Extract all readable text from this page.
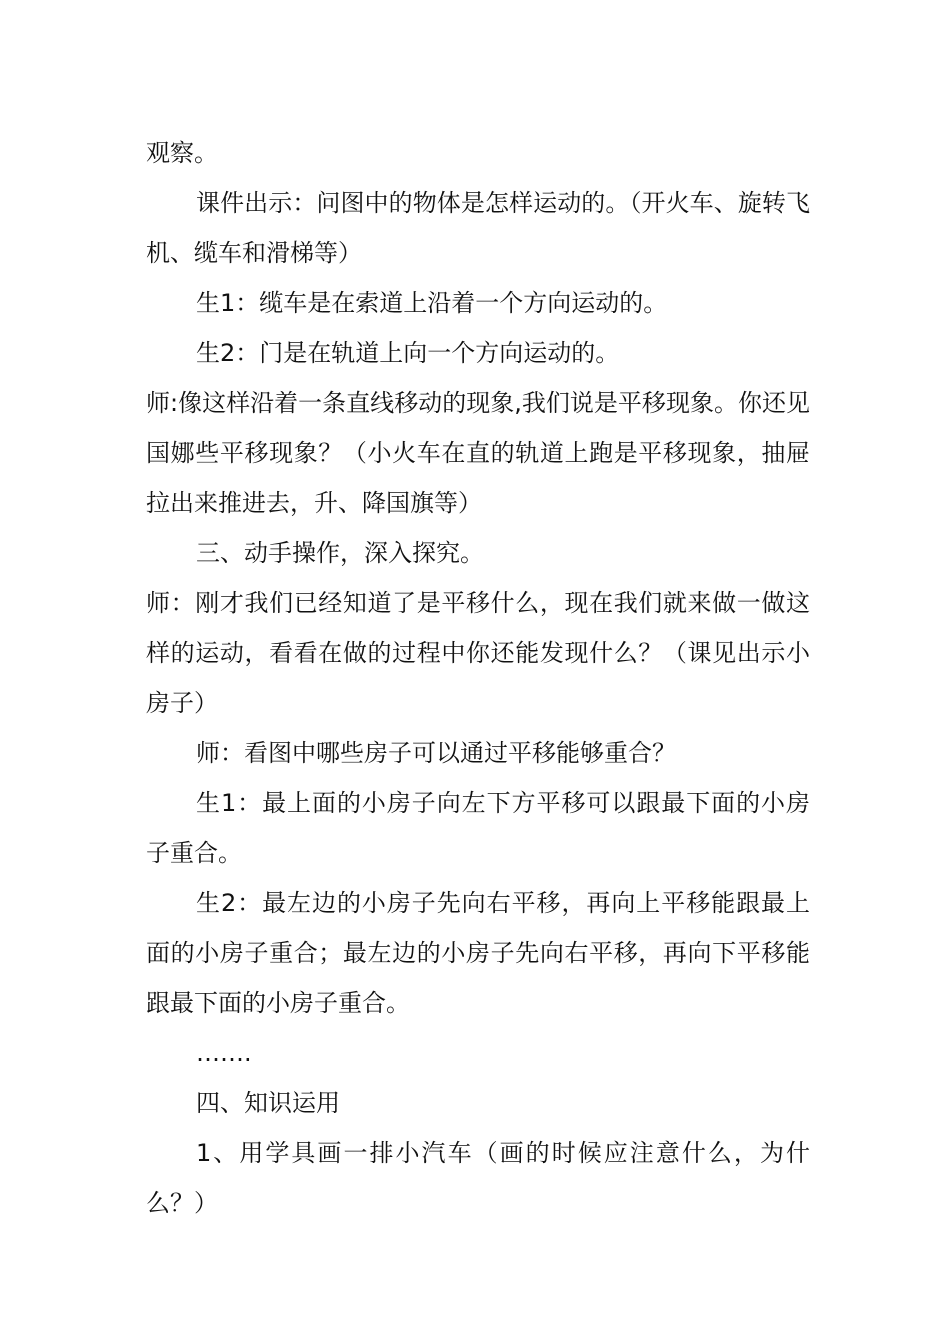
观察。

课件出示：问图中的物体是怎样运动的。（开火车、旋转飞机、缆车和滑梯等）

生1：缆车是在索道上沿着一个方向运动的。

生2：门是在轨道上向一个方向运动的。

师:像这样沿着一条直线移动的现象,我们说是平移现象。你还见国娜些平移现象？（小火车在直的轨道上跑是平移现象，抽屉拉出来推进去，升、降国旗等）

三、动手操作，深入探究。

师：刚才我们已经知道了是平移什么，现在我们就来做一做这样的运动，看看在做的过程中你还能发现什么？（课见出示小房子）

师：看图中哪些房子可以通过平移能够重合？

生1：最上面的小房子向左下方平移可以跟最下面的小房子重合。

生2：最左边的小房子先向右平移，再向上平移能跟最上面的小房子重合；最左边的小房子先向右平移，再向下平移能跟最下面的小房子重合。

…….

四、知识运用

1、用学具画一排小汽车（画的时候应注意什么，为什么？）
